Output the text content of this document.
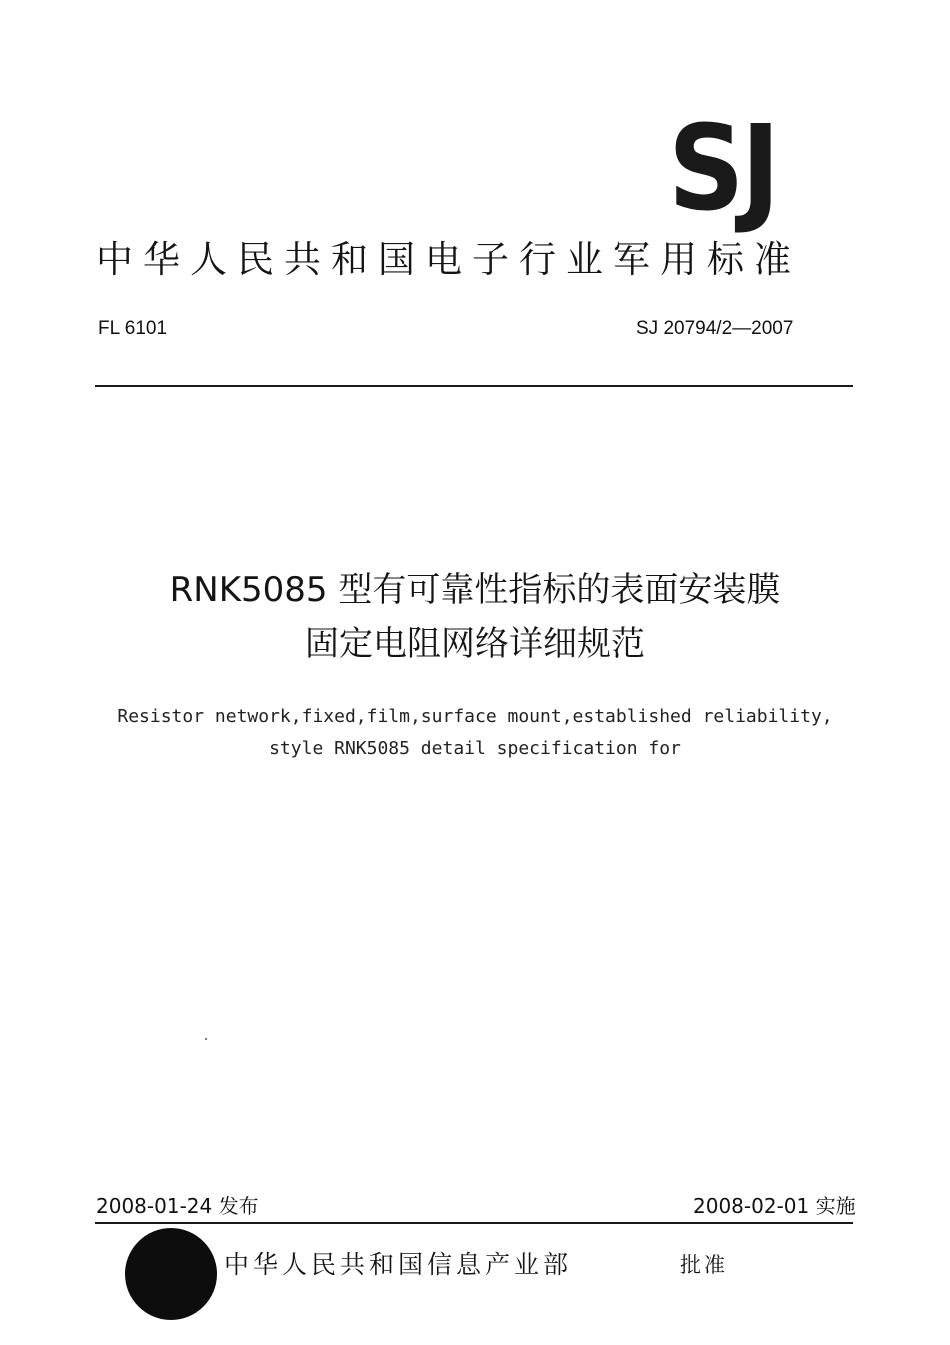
SJ
中华人民共和国电子行业军用标准
FL 6101	SJ 20794/2—2007
RNK5085 型有可靠性指标的表面安装膜
固定电阻网络详细规范
Resistor network,fixed,film,surface mount,established reliability,
style RNK5085 detail specification for
2008-01-24 发布	2008-02-01 实施
中华人民共和国信息产业部	批准
